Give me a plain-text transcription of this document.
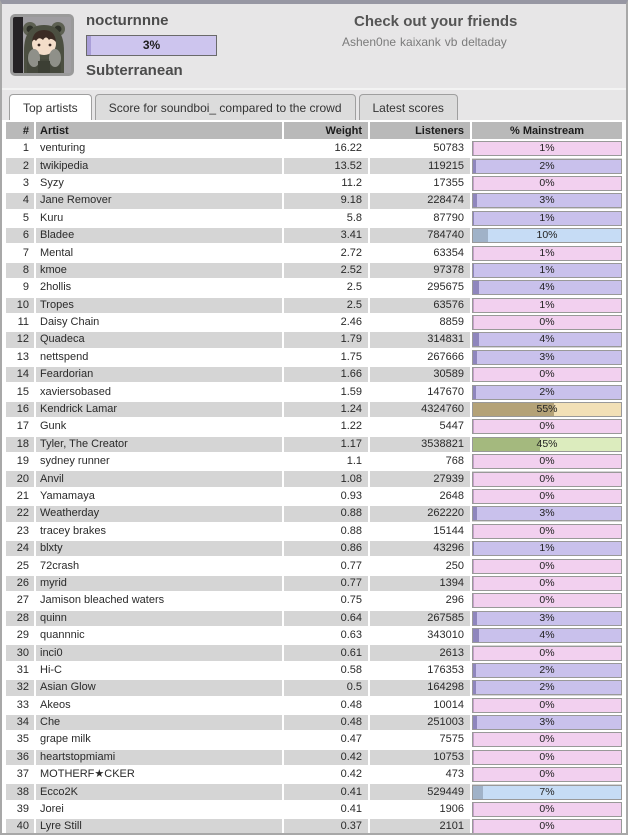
nocturnnne
3%
Subterranean
Check out your friends
Ashen0ne kaixank vb deltaday
Top artists	Score for soundboi_ compared to the crowd	Latest scores
#	Artist	Weight	Listeners	% Mainstream
1	venturing	16.22	50783	1%

2	twikipedia	13.52	119215	2%

3	Syzy	11.2	17355	0%

4	Jane Remover	9.18	228474	3%

5	Kuru	5.8	87790	1%

6	Bladee	3.41	784740	10%

7	Mental	2.72	63354	1%

8	kmoe	2.52	97378	1%

9	2hollis	2.5	295675	4%

10	Tropes	2.5	63576	1%

11	Daisy Chain	2.46	8859	0%

12	Quadeca	1.79	314831	4%

13	nettspend	1.75	267666	3%

14	Feardorian	1.66	30589	0%

15	xaviersobased	1.59	147670	2%

16	Kendrick Lamar	1.24	4324760	55%

17	Gunk	1.22	5447	0%

18	Tyler, The Creator	1.17	3538821	45%

19	sydney runner	1.1	768	0%

20	Anvil	1.08	27939	0%

21	Yamamaya	0.93	2648	0%

22	Weatherday	0.88	262220	3%

23	tracey brakes	0.88	15144	0%

24	blxty	0.86	43296	1%

25	72crash	0.77	250	0%

26	myrid	0.77	1394	0%

27	Jamison bleached waters	0.75	296	0%

28	quinn	0.64	267585	3%

29	quannnic	0.63	343010	4%

30	inci0	0.61	2613	0%

31	Hi-C	0.58	176353	2%

32	Asian Glow	0.5	164298	2%

33	Akeos	0.48	10014	0%

34	Che	0.48	251003	3%

35	grape milk	0.47	7575	0%

36	heartstopmiami	0.42	10753	0%

37	MOTHERF★CKER	0.42	473	0%

38	Ecco2K	0.41	529449	7%

39	Jorei	0.41	1906	0%

40	Lyre Still	0.37	2101	0%
